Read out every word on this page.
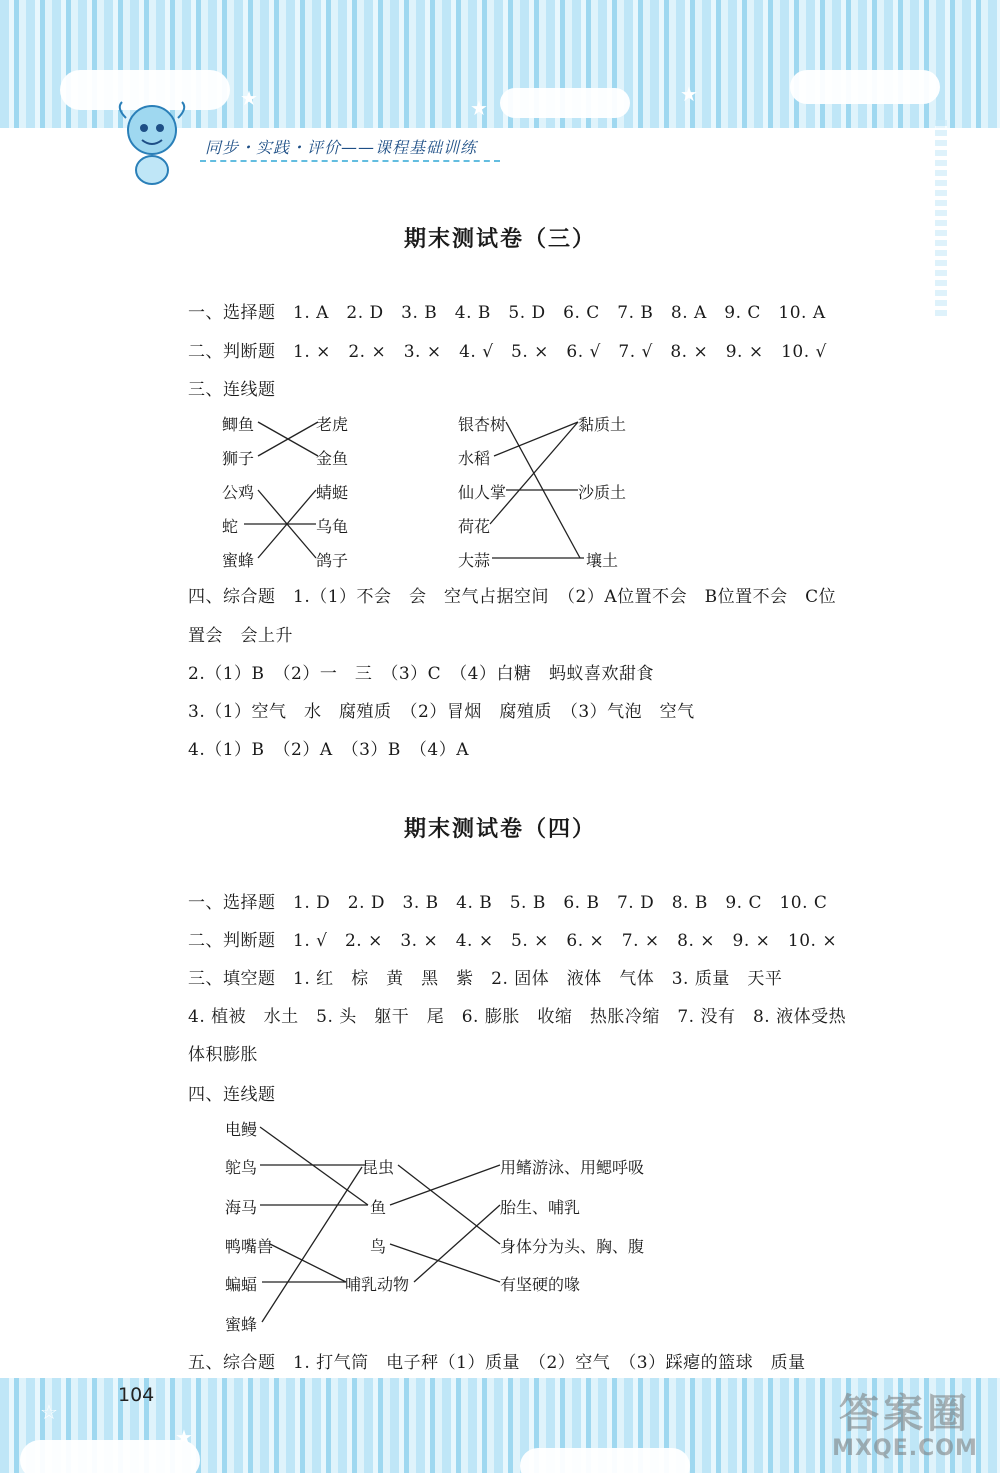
★	★
★
同步・实践・评价——课程基础训练
期末测试卷（三）
一、选择题　1. A　2. D　3. B　4. B　5. D　6. C　7. B　8. A　9. C　10. A
二、判断题　1. ×　2. ×　3. ×　4. √　5. ×　6. √　7. √　8. ×　9. ×　10. √
三、连线题
鲫鱼
狮子
公鸡
蛇
蜜蜂
老虎
金鱼
蜻蜓
乌龟
鸽子
银杏树
水稻
仙人掌
荷花
大蒜
黏质土
沙质土
壤土
四、综合题　1.（1）不会　会　空气占据空间　（2）A位置不会　B位置不会　C位
置会　会上升
2.（1）B　（2）一　三　（3）C　（4）白糖　蚂蚁喜欢甜食
3.（1）空气　水　腐殖质　（2）冒烟　腐殖质　（3）气泡　空气
4.（1）B　（2）A　（3）B　（4）A
期末测试卷（四）
一、选择题　1. D　2. D　3. B　4. B　5. B　6. B　7. D　8. B　9. C　10. C
二、判断题　1. √　2. ×　3. ×　4. ×　5. ×　6. ×　7. ×　8. ×　9. ×　10. ×
三、填空题　1. 红　棕　黄　黑　紫　2. 固体　液体　气体　3. 质量　天平
4. 植被　水土　5. 头　躯干　尾　6. 膨胀　收缩　热胀冷缩　7. 没有　8. 液体受热
体积膨胀
四、连线题
电鳗
鸵鸟
海马
鸭嘴兽
蝙蝠
蜜蜂
昆虫
鱼
鸟
哺乳动物
用鳍游泳、用鳃呼吸
胎生、哺乳
身体分为头、胸、腹
有坚硬的喙
五、综合题　1. 打气筒　电子秤（1）质量　（2）空气　（3）踩瘪的篮球　质量
☆
★
104	答案圈
MXQE.COM
